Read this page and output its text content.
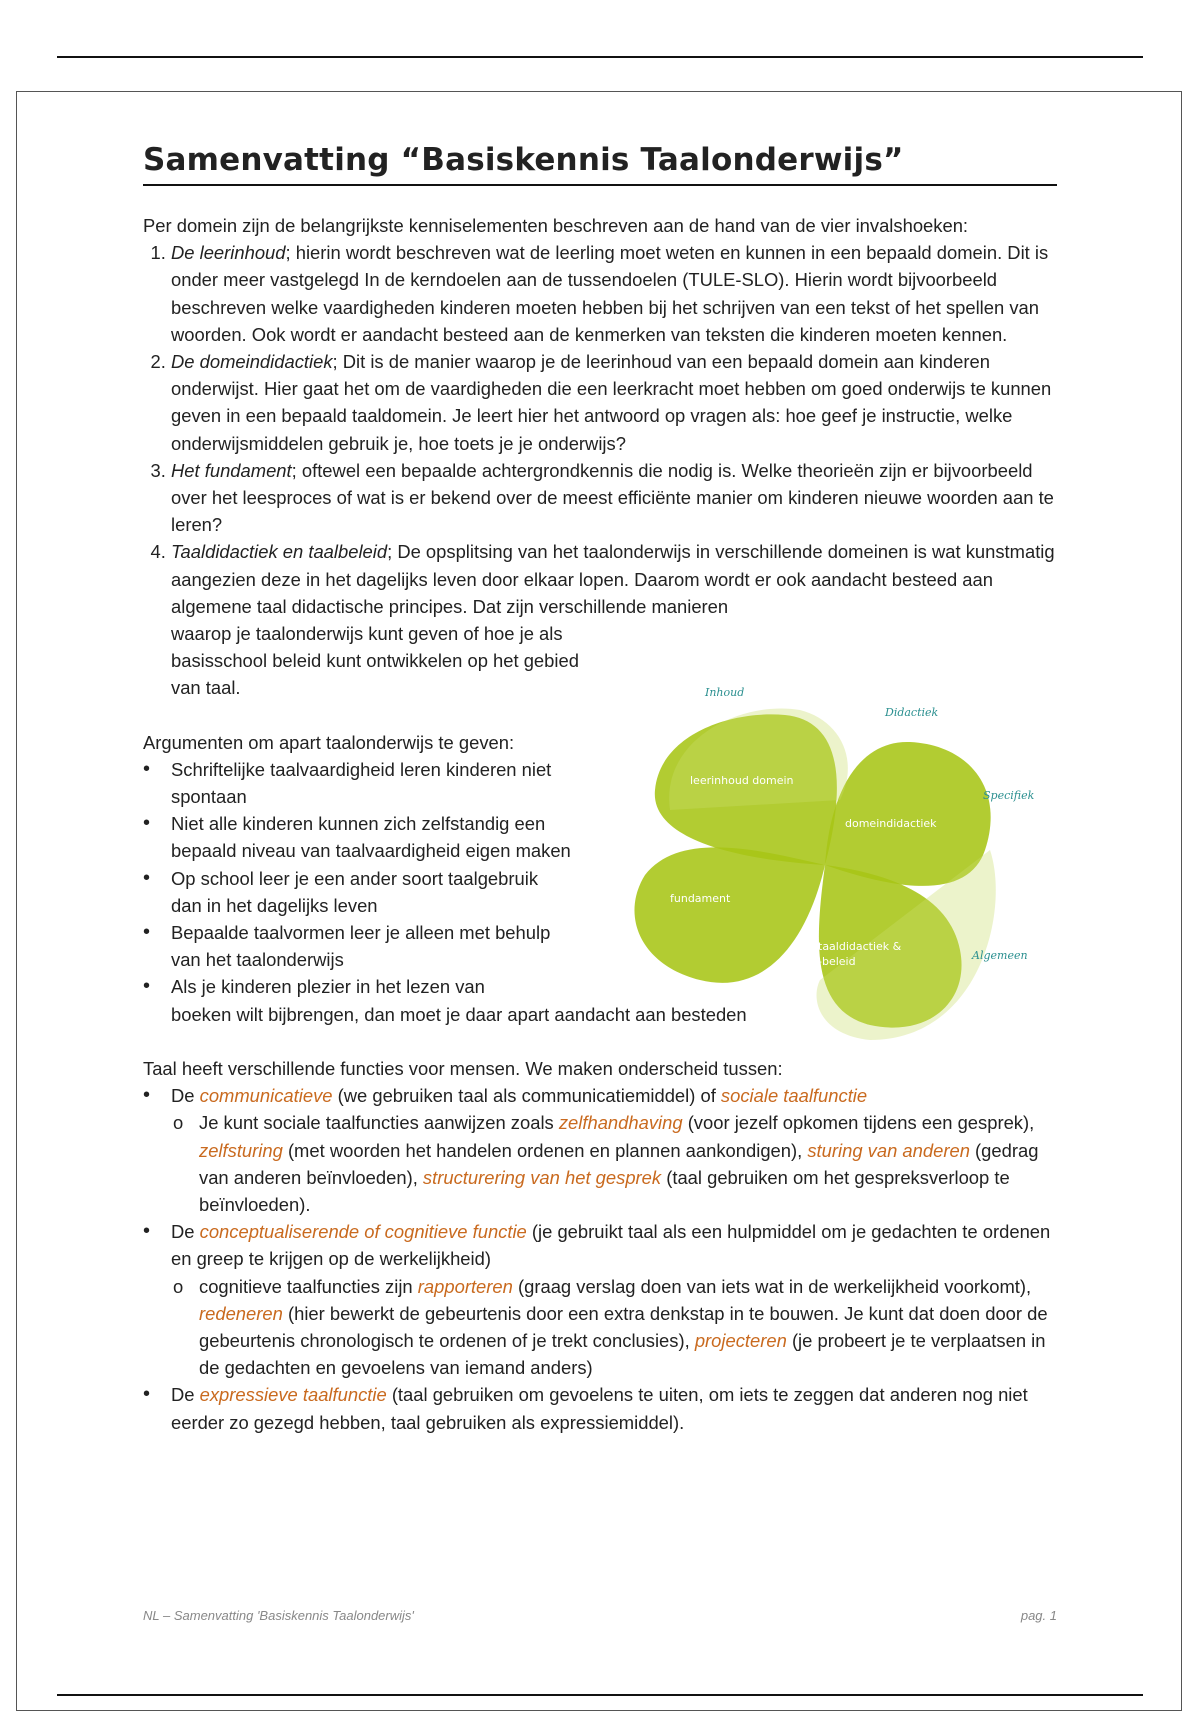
Samenvatting “Basiskennis Taalonderwijs”
Per domein zijn de belangrijkste kenniselementen beschreven aan de hand van de vier invalshoeken:
1. De leerinhoud; hierin wordt beschreven wat de leerling moet weten en kunnen in een bepaald domein. Dit is onder meer vastgelegd In de kerndoelen aan de tussendoelen (TULE-SLO). Hierin wordt bijvoorbeeld beschreven welke vaardigheden kinderen moeten hebben bij het schrijven van een tekst of het spellen van woorden. Ook wordt er aandacht besteed aan de kenmerken van teksten die kinderen moeten kennen.
2. De domeindidactiek; Dit is de manier waarop je de leerinhoud van een bepaald domein aan kinderen onderwijst. Hier gaat het om de vaardigheden die een leerkracht moet hebben om goed onderwijs te kunnen geven in een bepaald taaldomein. Je leert hier het antwoord op vragen als: hoe geef je instructie, welke onderwijsmiddelen gebruik je, hoe toets je je onderwijs?
3. Het fundament; oftewel een bepaalde achtergrondkennis die nodig is. Welke theorieën zijn er bijvoorbeeld over het leesproces of wat is er bekend over de meest efficiënte manier om kinderen nieuwe woorden aan te leren?
4. Taaldidactiek en taalbeleid; De opsplitsing van het taalonderwijs in verschillende domeinen is wat kunstmatig aangezien deze in het dagelijks leven door elkaar lopen. Daarom wordt er ook aandacht besteed aan algemene taal didactische principes. Dat zijn verschillende manieren
waarop je taalonderwijs kunt geven of hoe je als basisschool beleid kunt ontwikkelen op het gebied van taal.
Argumenten om apart taalonderwijs te geven:
• Schriftelijke taalvaardigheid leren kinderen niet spontaan
• Niet alle kinderen kunnen zich zelfstandig een bepaald niveau van taalvaardigheid eigen maken
• Op school leer je een ander soort taalgebruik dan in het dagelijks leven
• Bepaalde taalvormen leer je alleen met behulp van het taalonderwijs
• Als je kinderen plezier in het lezen van
boeken wilt bijbrengen, dan moet je daar apart aandacht aan besteden
Taal heeft verschillende functies voor mensen. We maken onderscheid tussen:
• De communicatieve (we gebruiken taal als communicatiemiddel) of sociale taalfunctie
o Je kunt sociale taalfuncties aanwijzen zoals zelfhandhaving (voor jezelf opkomen tijdens een gesprek), zelfsturing (met woorden het handelen ordenen en plannen aankondigen), sturing van anderen (gedrag van anderen beïnvloeden), structurering van het gesprek (taal gebruiken om het gespreksverloop te beïnvloeden).
• De conceptualiserende of cognitieve functie (je gebruikt taal als een hulpmiddel om je gedachten te ordenen en greep te krijgen op de werkelijkheid)
o cognitieve taalfuncties zijn rapporteren (graag verslag doen van iets wat in de werkelijkheid voorkomt), redeneren (hier bewerkt de gebeurtenis door een extra denkstap in te bouwen. Je kunt dat doen door de gebeurtenis chronologisch te ordenen of je trekt conclusies), projecteren (je probeert je te verplaatsen in de gedachten en gevoelens van iemand anders)
• De expressieve taalfunctie (taal gebruiken om gevoelens te uiten, om iets te zeggen dat anderen nog niet eerder zo gezegd hebben, taal gebruiken als expressiemiddel).
leerinhoud domein
domeindidactiek
fundament
taaldidactiek &
-beleid
Inhoud
Didactiek
Specifiek
Algemeen
NL – Samenvatting 'Basiskennis Taalonderwijs'	pag. 1
